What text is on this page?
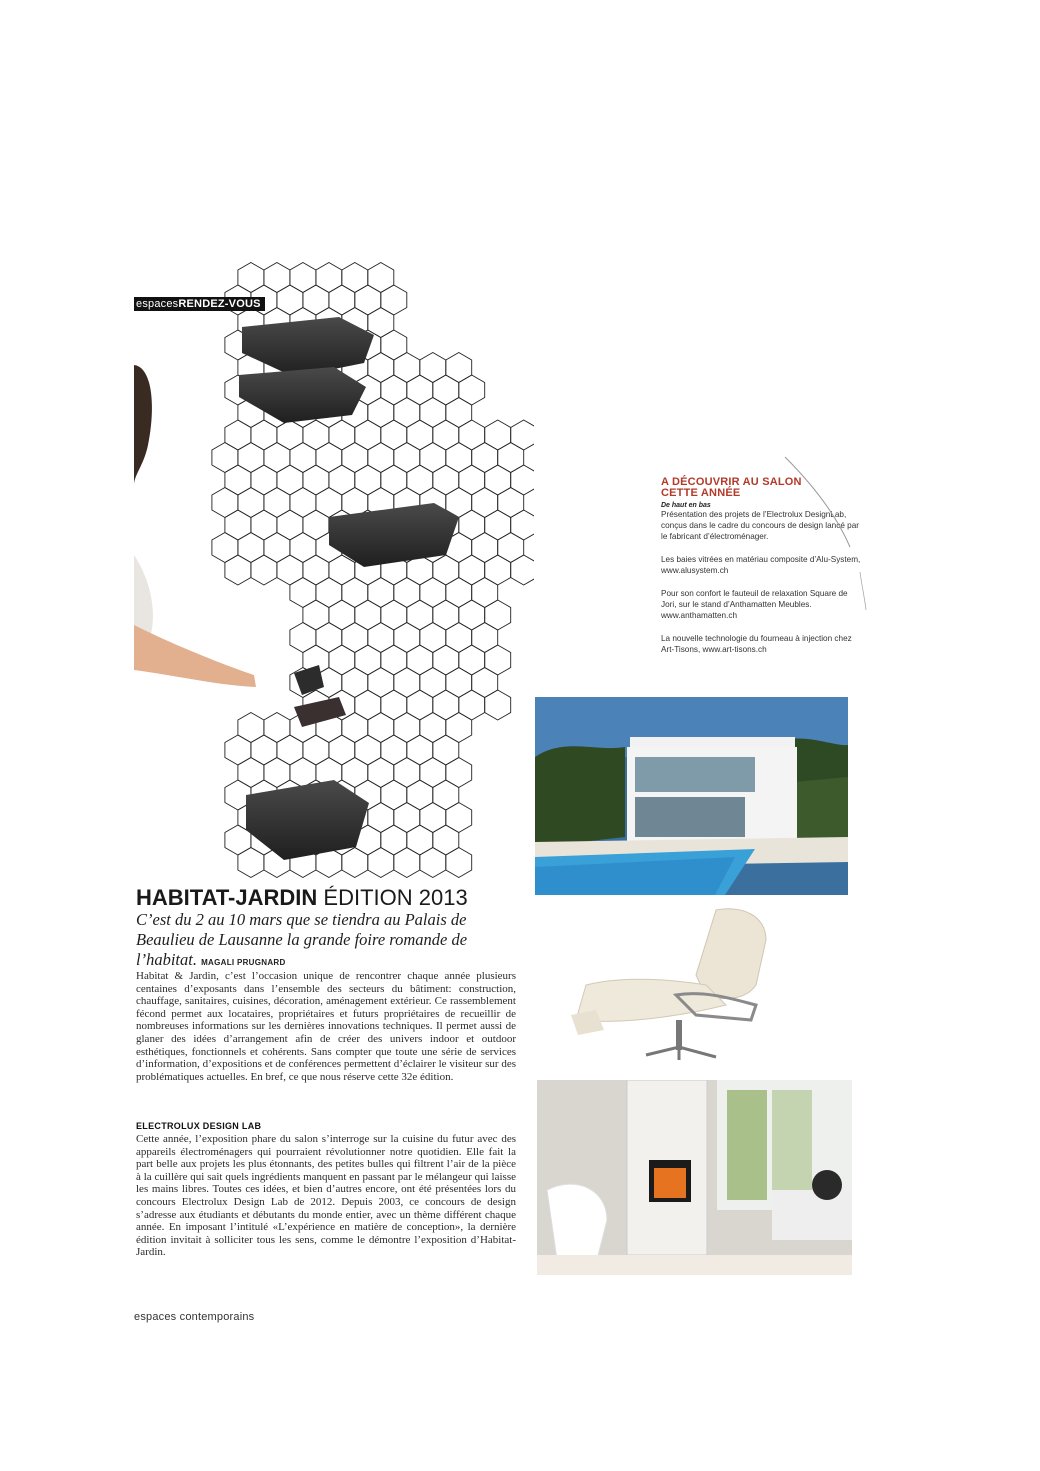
espacesRENDEZ-VOUS
HABITAT-JARDIN ÉDITION 2013
C’est du 2 au 10 mars que se tiendra au Palais de Beaulieu de Lausanne la grande foire romande de l’habitat. MAGALI PRUGNARD
Habitat & Jardin, c’est l’occasion unique de rencontrer chaque année plusieurs centaines d’exposants dans l’ensemble des secteurs du bâtiment: construction, chauffage, sanitaires, cuisines, décoration, aménagement extérieur. Ce rassemblement fécond permet aux locataires, propriétaires et futurs propriétaires de recueillir de nombreuses informations sur les dernières innovations techniques. Il permet aussi de glaner des idées d’arrangement afin de créer des univers indoor et outdoor esthétiques, fonctionnels et cohérents. Sans compter que toute une série de services d’information, d’expositions et de conférences permettent d’éclairer le visiteur sur des problématiques actuelles. En bref, ce que nous réserve cette 32e édition.
ELECTROLUX DESIGN LAB
Cette année, l’exposition phare du salon s’interroge sur la cuisine du futur avec des appareils électroménagers qui pourraient révolutionner notre quotidien. Elle fait la part belle aux projets les plus étonnants, des petites bulles qui filtrent l’air de la pièce à la cuillère qui sait quels ingrédients manquent en passant par le mélangeur qui laisse les mains libres. Toutes ces idées, et bien d’autres encore, ont été présentées lors du concours Electrolux Design Lab de 2012. Depuis 2003, ce concours de design s’adresse aux étudiants et débutants du monde entier, avec un thème différent chaque année. En imposant l’intitulé «L’expérience en matière de conception», la dernière édition invitait à solliciter tous les sens, comme le démontre l’exposition d’Habitat-Jardin.
espaces contemporains
A DÉCOUVRIR AU SALON
CETTE ANNÉE
De haut en bas
Présentation des projets de l’Electrolux DesignLab, conçus dans le cadre du concours de design lancé par le fabricant d’électroménager.
Les baies vitrées en matériau composite d’Alu-System, www.alusystem.ch
Pour son confort le fauteuil de relaxation Square de Jori, sur le stand d’Anthamatten Meubles. www.anthamatten.ch
La nouvelle technologie du fourneau à injection chez Art-Tisons, www.art-tisons.ch
